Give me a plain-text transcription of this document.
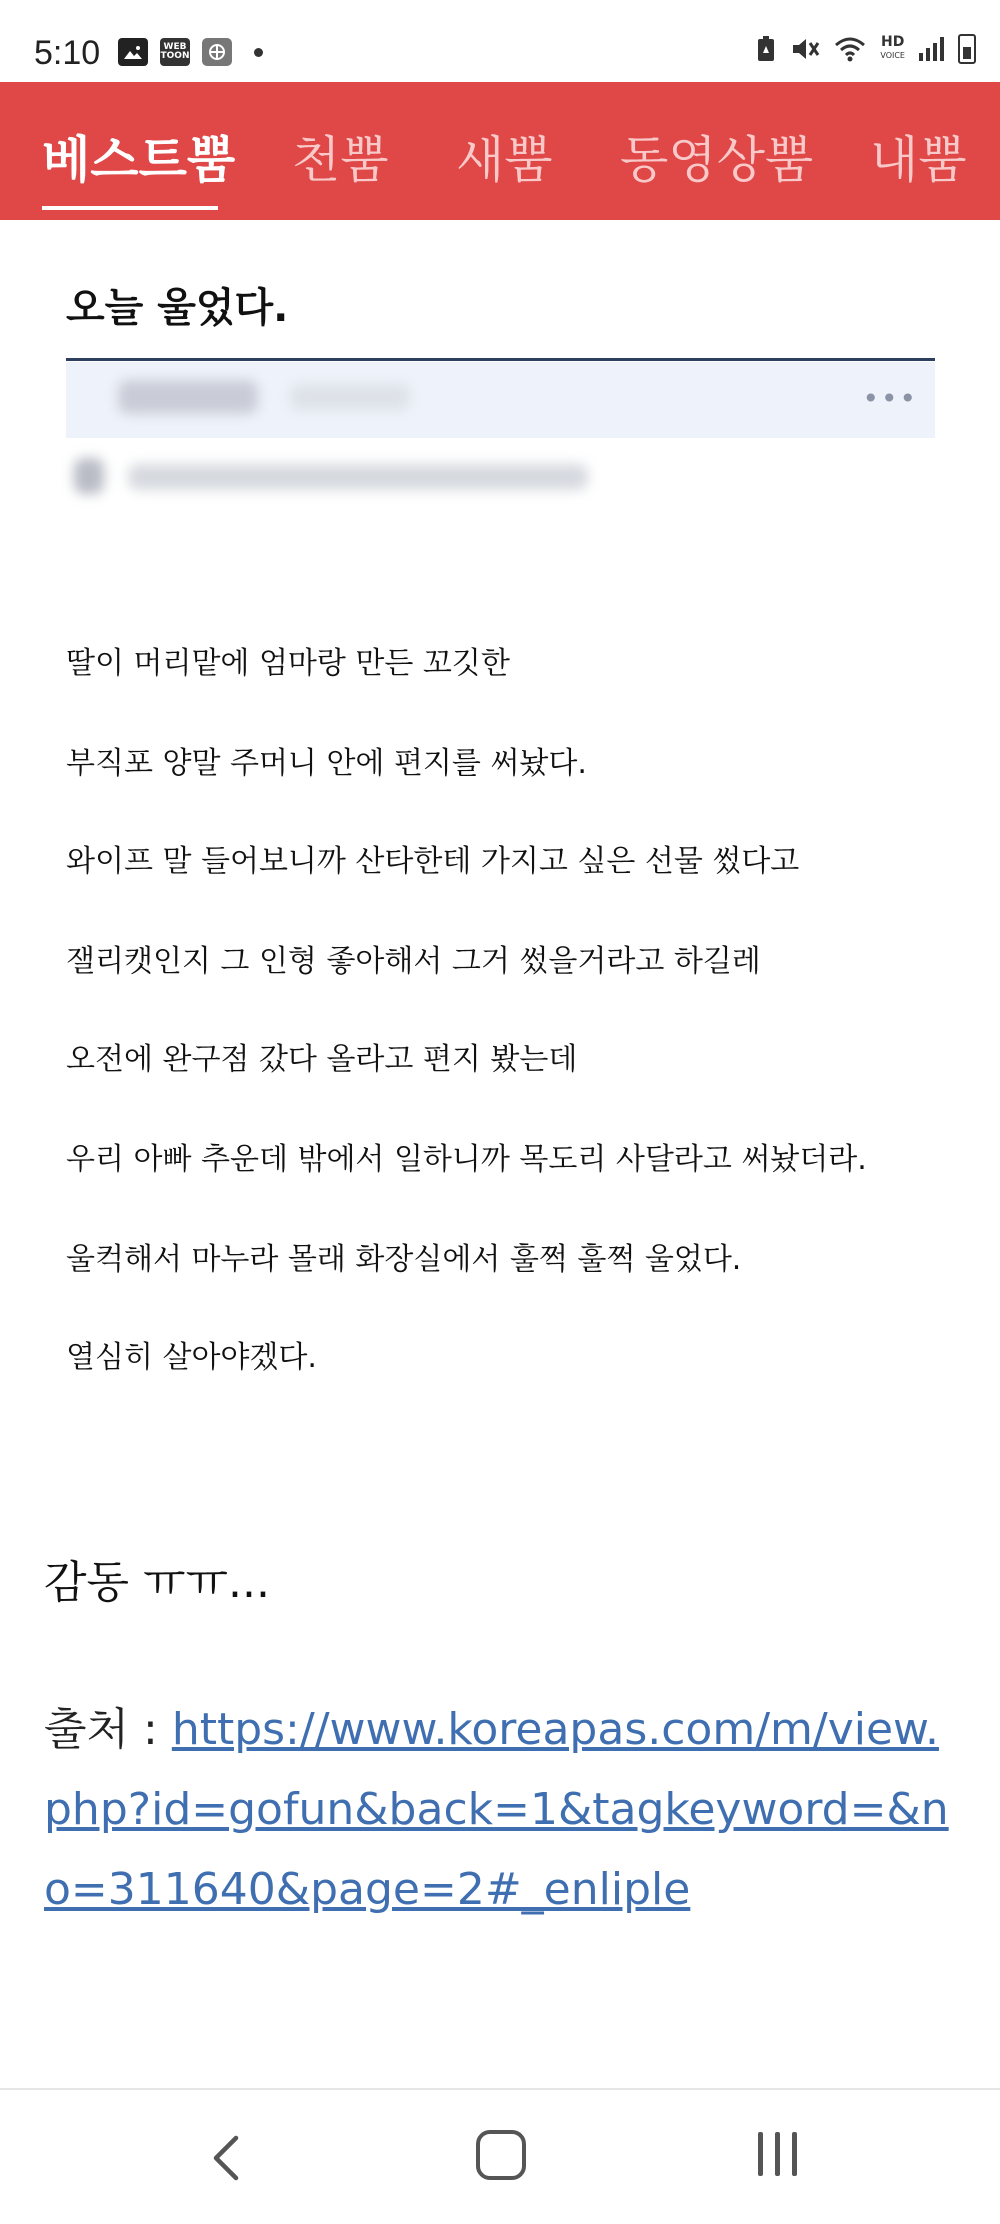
5:10	WEB TOON
HD
VOICE
베스트뿜 천뿜 새뿜 동영상뿜 내뿜
오늘 울었다.
•••
딸이 머리맡에 엄마랑 만든 꼬깃한
부직포 양말 주머니 안에 편지를 써놨다.
와이프 말 들어보니까 산타한테 가지고 싶은 선물 썼다고
잴리캣인지 그 인형 좋아해서 그거 썼을거라고 하길레
오전에 완구점 갔다 올라고 편지 봤는데
우리 아빠 추운데 밖에서 일하니까 목도리 사달라고 써놨더라.
울컥해서 마누라 몰래 화장실에서 훌쩍 훌쩍 울었다.
열심히 살아야겠다.
감동 ㅠㅠ...
출처 : https://www.koreapas.com/m/view.php?id=gofun&back=1&tagkeyword=&no=311640&page=2#_enliple
